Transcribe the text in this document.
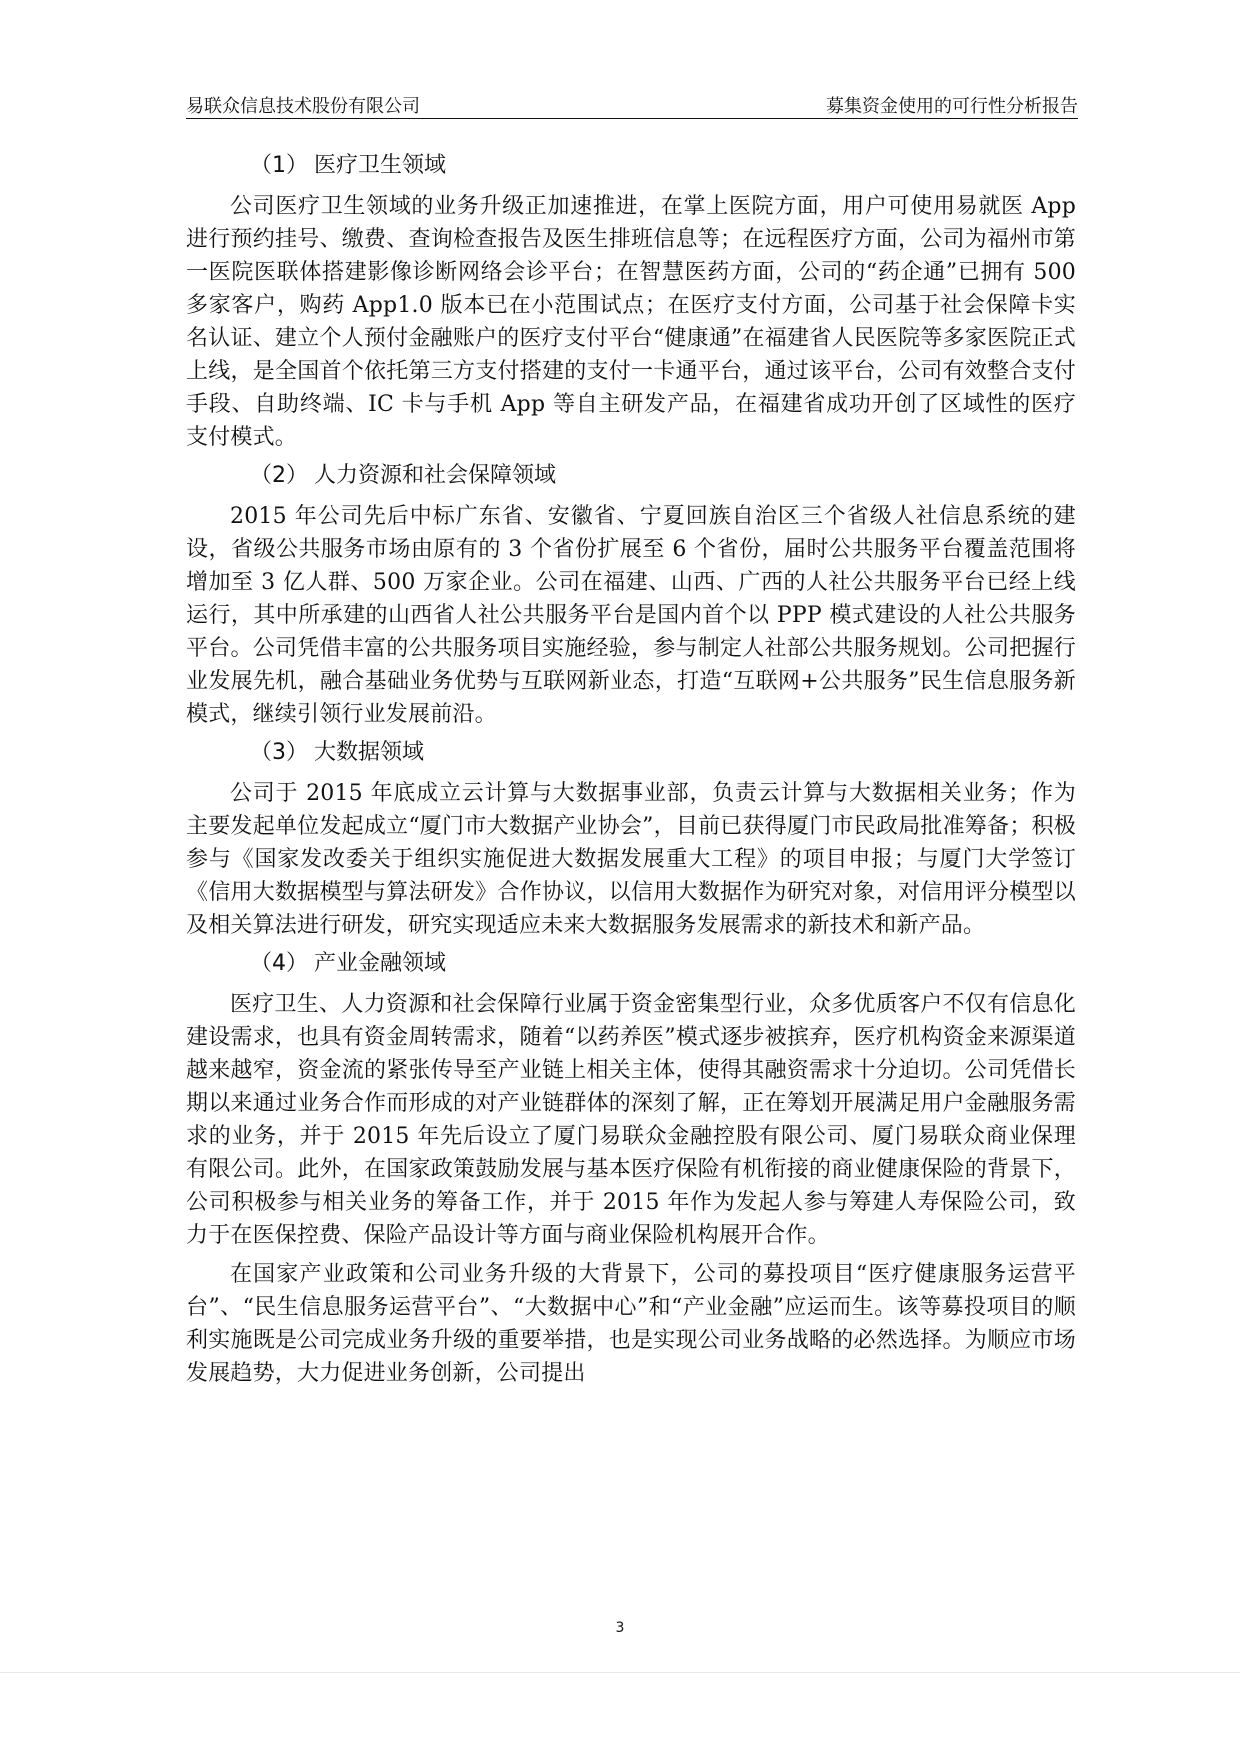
易联众信息技术股份有限公司	募集资金使用的可行性分析报告
（1） 医疗卫生领域

公司医疗卫生领域的业务升级正加速推进，在掌上医院方面，用户可使用易就医 App 进行预约挂号、缴费、查询检查报告及医生排班信息等；在远程医疗方面，公司为福州市第一医院医联体搭建影像诊断网络会诊平台；在智慧医药方面，公司的“药企通”已拥有 500 多家客户，购药 App1.0 版本已在小范围试点；在医疗支付方面，公司基于社会保障卡实名认证、建立个人预付金融账户的医疗支付平台“健康通”在福建省人民医院等多家医院正式上线，是全国首个依托第三方支付搭建的支付一卡通平台，通过该平台，公司有效整合支付手段、自助终端、IC 卡与手机 App 等自主研发产品，在福建省成功开创了区域性的医疗支付模式。

（2） 人力资源和社会保障领域

2015 年公司先后中标广东省、安徽省、宁夏回族自治区三个省级人社信息系统的建设，省级公共服务市场由原有的 3 个省份扩展至 6 个省份，届时公共服务平台覆盖范围将增加至 3 亿人群、500 万家企业。公司在福建、山西、广西的人社公共服务平台已经上线运行，其中所承建的山西省人社公共服务平台是国内首个以 PPP 模式建设的人社公共服务平台。公司凭借丰富的公共服务项目实施经验，参与制定人社部公共服务规划。公司把握行业发展先机，融合基础业务优势与互联网新业态，打造“互联网+公共服务”民生信息服务新模式，继续引领行业发展前沿。

（3） 大数据领域

公司于 2015 年底成立云计算与大数据事业部，负责云计算与大数据相关业务；作为主要发起单位发起成立“厦门市大数据产业协会”，目前已获得厦门市民政局批准筹备；积极参与《国家发改委关于组织实施促进大数据发展重大工程》的项目申报；与厦门大学签订《信用大数据模型与算法研发》合作协议，以信用大数据作为研究对象，对信用评分模型以及相关算法进行研发，研究实现适应未来大数据服务发展需求的新技术和新产品。

（4） 产业金融领域

医疗卫生、人力资源和社会保障行业属于资金密集型行业，众多优质客户不仅有信息化建设需求，也具有资金周转需求，随着“以药养医”模式逐步被摈弃，医疗机构资金来源渠道越来越窄，资金流的紧张传导至产业链上相关主体，使得其融资需求十分迫切。公司凭借长期以来通过业务合作而形成的对产业链群体的深刻了解，正在筹划开展满足用户金融服务需求的业务，并于 2015 年先后设立了厦门易联众金融控股有限公司、厦门易联众商业保理有限公司。此外，在国家政策鼓励发展与基本医疗保险有机衔接的商业健康保险的背景下，公司积极参与相关业务的筹备工作，并于 2015 年作为发起人参与筹建人寿保险公司，致力于在医保控费、保险产品设计等方面与商业保险机构展开合作。

在国家产业政策和公司业务升级的大背景下，公司的募投项目“医疗健康服务运营平台”、“民生信息服务运营平台”、“大数据中心”和“产业金融”应运而生。该等募投项目的顺利实施既是公司完成业务升级的重要举措，也是实现公司业务战略的必然选择。为顺应市场发展趋势，大力促进业务创新，公司提出

3
